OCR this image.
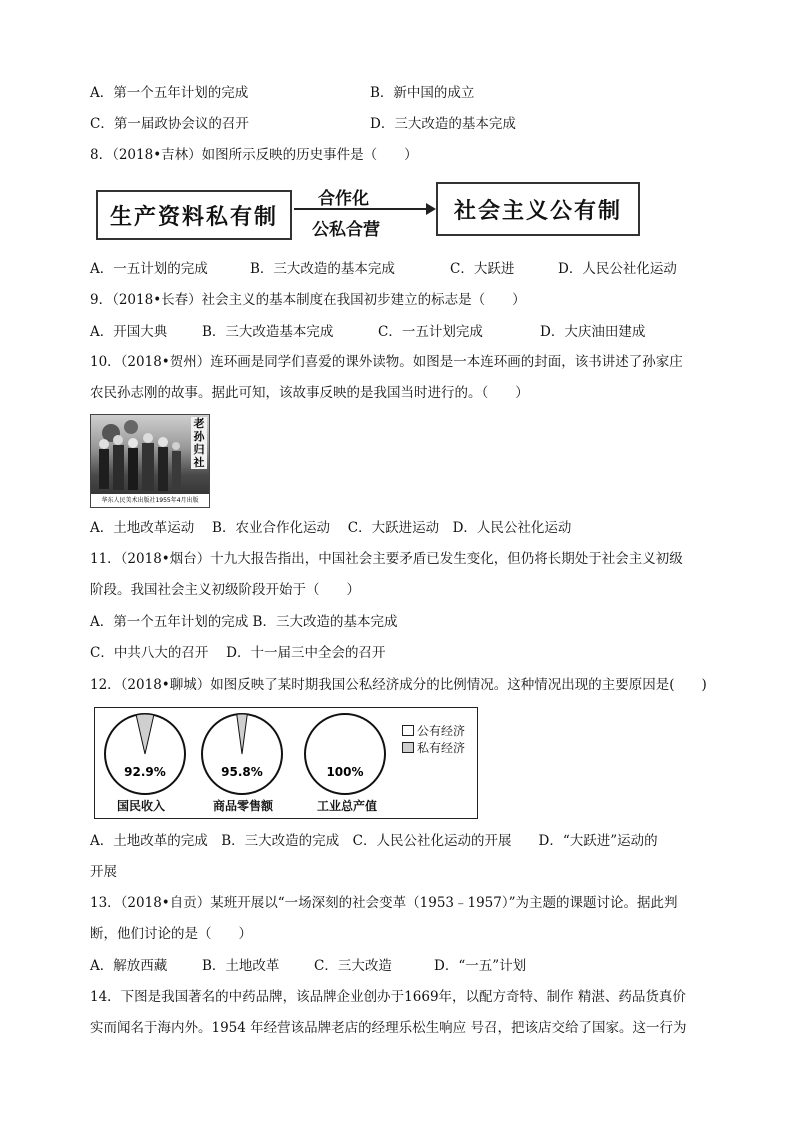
A．第一个五年计划的完成	B．新中国的成立
C．第一届政协会议的召开	D．三大改造的基本完成
8．（2018•吉林）如图所示反映的历史事件是（　　）
生产资料私有制
合作化
公私合营
社会主义公有制
A．一五计划的完成	B．三大改造的基本完成	C．大跃进	D．人民公社化运动
9．（2018•长春）社会主义的基本制度在我国初步建立的标志是（　　）
A．开国大典	B．三大改造基本完成	C．一五计划完成	D．大庆油田建成
10．（2018•贺州）连环画是同学们喜爱的课外读物。如图是一本连环画的封面，该书讲述了孙家庄
农民孙志刚的故事。据此可知，该故事反映的是我国当时进行的。（　　）
老孙归社
华东人民美术出版社1955年4月出版
A．土地改革运动　 B．农业合作化运动　 C．大跃进运动　D．人民公社化运动
11．（2018•烟台）十九大报告指出，中国社会主要矛盾已发生变化，但仍将长期处于社会主义初级
阶段。我国社会主义初级阶段开始于（　　）
A．第一个五年计划的完成 B．三大改造的基本完成
C．中共八大的召开　 D．十一届三中全会的召开
12．（2018•聊城）如图反映了某时期我国公私经济成分的比例情况。这种情况出现的主要原因是(　　)
92.9%	95.8%	100%
公有经济
私有经济
国民收入	商品零售额	工业总产值
A．土地改革的完成　B．三大改造的完成　C．人民公社化运动的开展　　D．“大跃进”运动的
开展
13．（2018•自贡）某班开展以“一场深刻的社会变革（1953﹣1957）”为主题的课题讨论。据此判
断，他们讨论的是（　　）
A．解放西藏	B．土地改革	C．三大改造	D．“一五”计划
14．下图是我国著名的中药品牌，该品牌企业创办于1669年，以配方奇特、制作 精湛、药品货真价
实而闻名于海内外。1954 年经营该品牌老店的经理乐松生响应 号召，把该店交给了国家。这一行为
